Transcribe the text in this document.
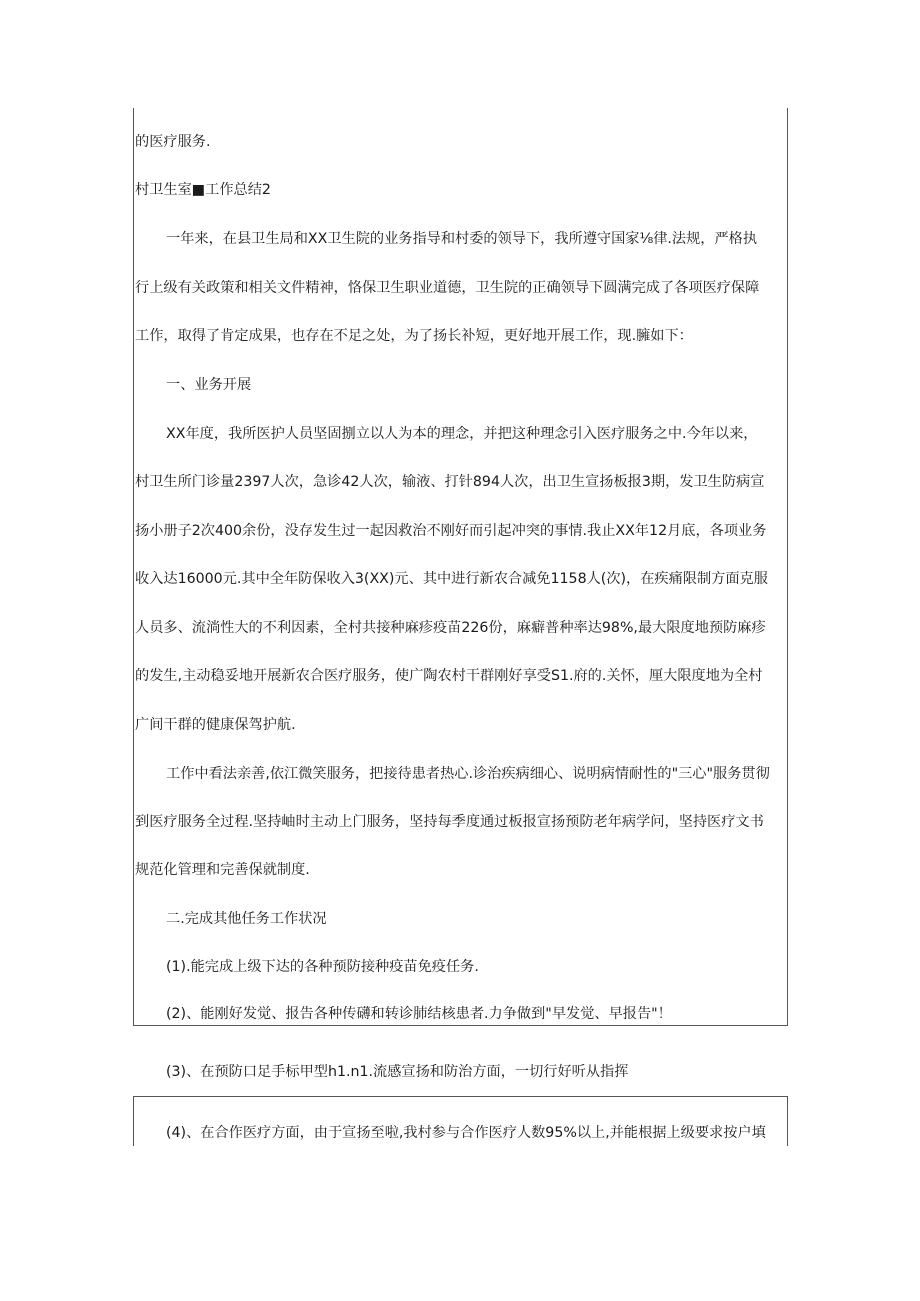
的医疗服务.
村卫生室■工作总结2
一年来，在县卫生局和XX卫生院的业务指导和村委的领导下，我所遵守国家⅛律.法规，严格执
行上级有关政策和相关文件精神，恪保卫生职业道德，卫生院的正确领导下圆满完成了各项医疗保障
工作，取得了肯定成果，也存在不足之处，为了扬长补短，更好地开展工作，现.臃如下：
一、业务开展
XX年度，我所医护人员坚固捌立以人为本的理念，并把这种理念引入医疗服务之中.今年以来，
村卫生所门诊量2397人次，急诊42人次，输液、打针894人次，出卫生宣扬板报3期，发卫生防病宣
扬小册子2次400余份，没存发生过一起因救治不刚好而引起冲突的事情.我止XX年12月底，各项业务
收入达16000元.其中全年防保收入3(XX)元、其中进行新农合减免1158人(次)，在疾痛限制方面克服
人员多、流淌性大的不利因素，全村共接种麻疹疫苗226份，麻癖普种率达98%,最大限度地预防麻疹
的发生,主动稳妥地开展新农合医疗服务，使广陶农村干群刚好享受S1.府的.关怀，厘大限度地为全村
广间干群的健康保驾护航.
工作中看法亲善,依江微笑服务，把接待患者热心.诊治疾病细心、说明病情耐性的"三心"服务贯彻
到医疗服务全过程.坚持岫时主动上门服务，坚持每季度通过板报宣扬预防老年病学问，坚持医疗文书
规范化管理和完善保就制度.
二.完成其他任务工作状况
(1).能完成上级下达的各种预防接种疫苗免疫任务.
(2)、能刚好发觉、报告各种传礴和转诊肺结核患者.力争做到"早发觉、早报告"！
(3)、在预防口足手标甲型h1.n1.流感宣扬和防治方面，一切行好听从指挥
(4)、在合作医疗方面，由于宣扬至啦,我村参与合作医疗人数95%以上,并能根据上级要求按户填
